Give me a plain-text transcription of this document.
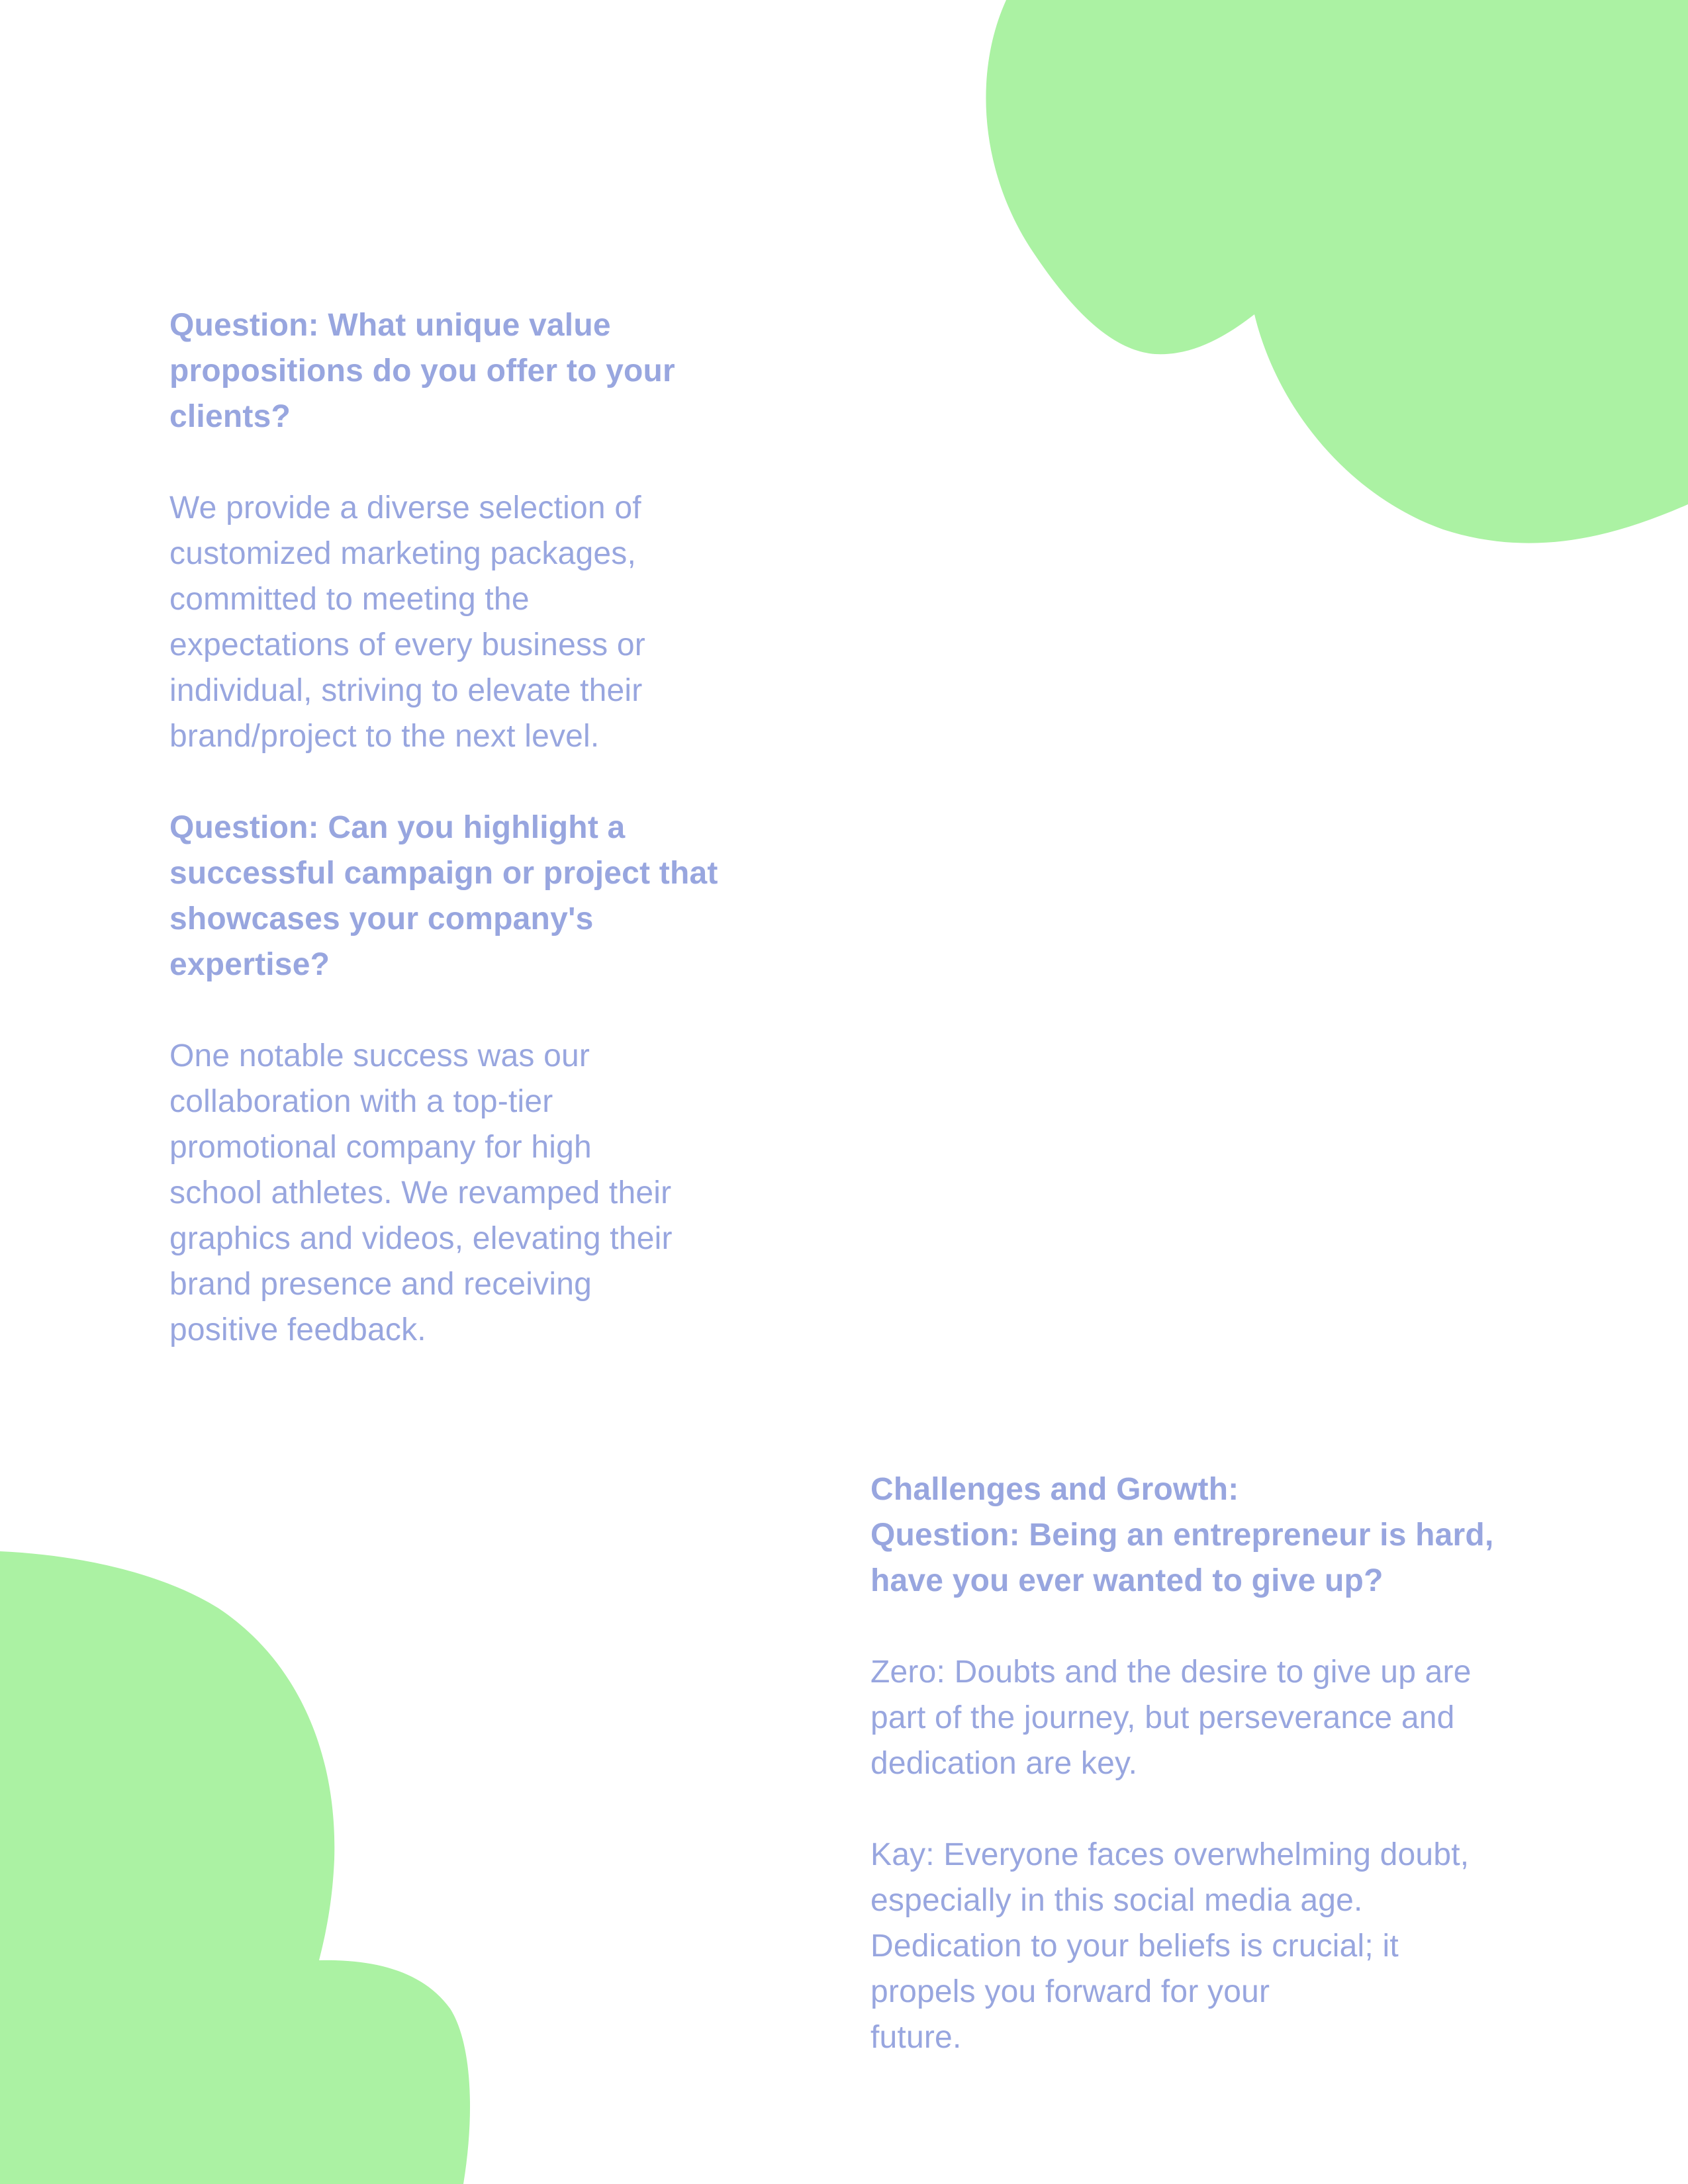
Question: What unique value
propositions do you offer to your
clients?

We provide a diverse selection of
customized marketing packages,
committed to meeting the
expectations of every business or
individual, striving to elevate their
brand/project to the next level.

Question: Can you highlight a
successful campaign or project that
showcases your company's
expertise?

One notable success was our
collaboration with a top-tier
promotional company for high
school athletes. We revamped their
graphics and videos, elevating their
brand presence and receiving
positive feedback.

Challenges and Growth:

Question: Being an entrepreneur is hard,
have you ever wanted to give up?

Zero: Doubts and the desire to give up are
part of the journey, but perseverance and
dedication are key.

Kay: Everyone faces overwhelming doubt,
especially in this social media age.
Dedication to your beliefs is crucial; it
propels you forward for your
future.
